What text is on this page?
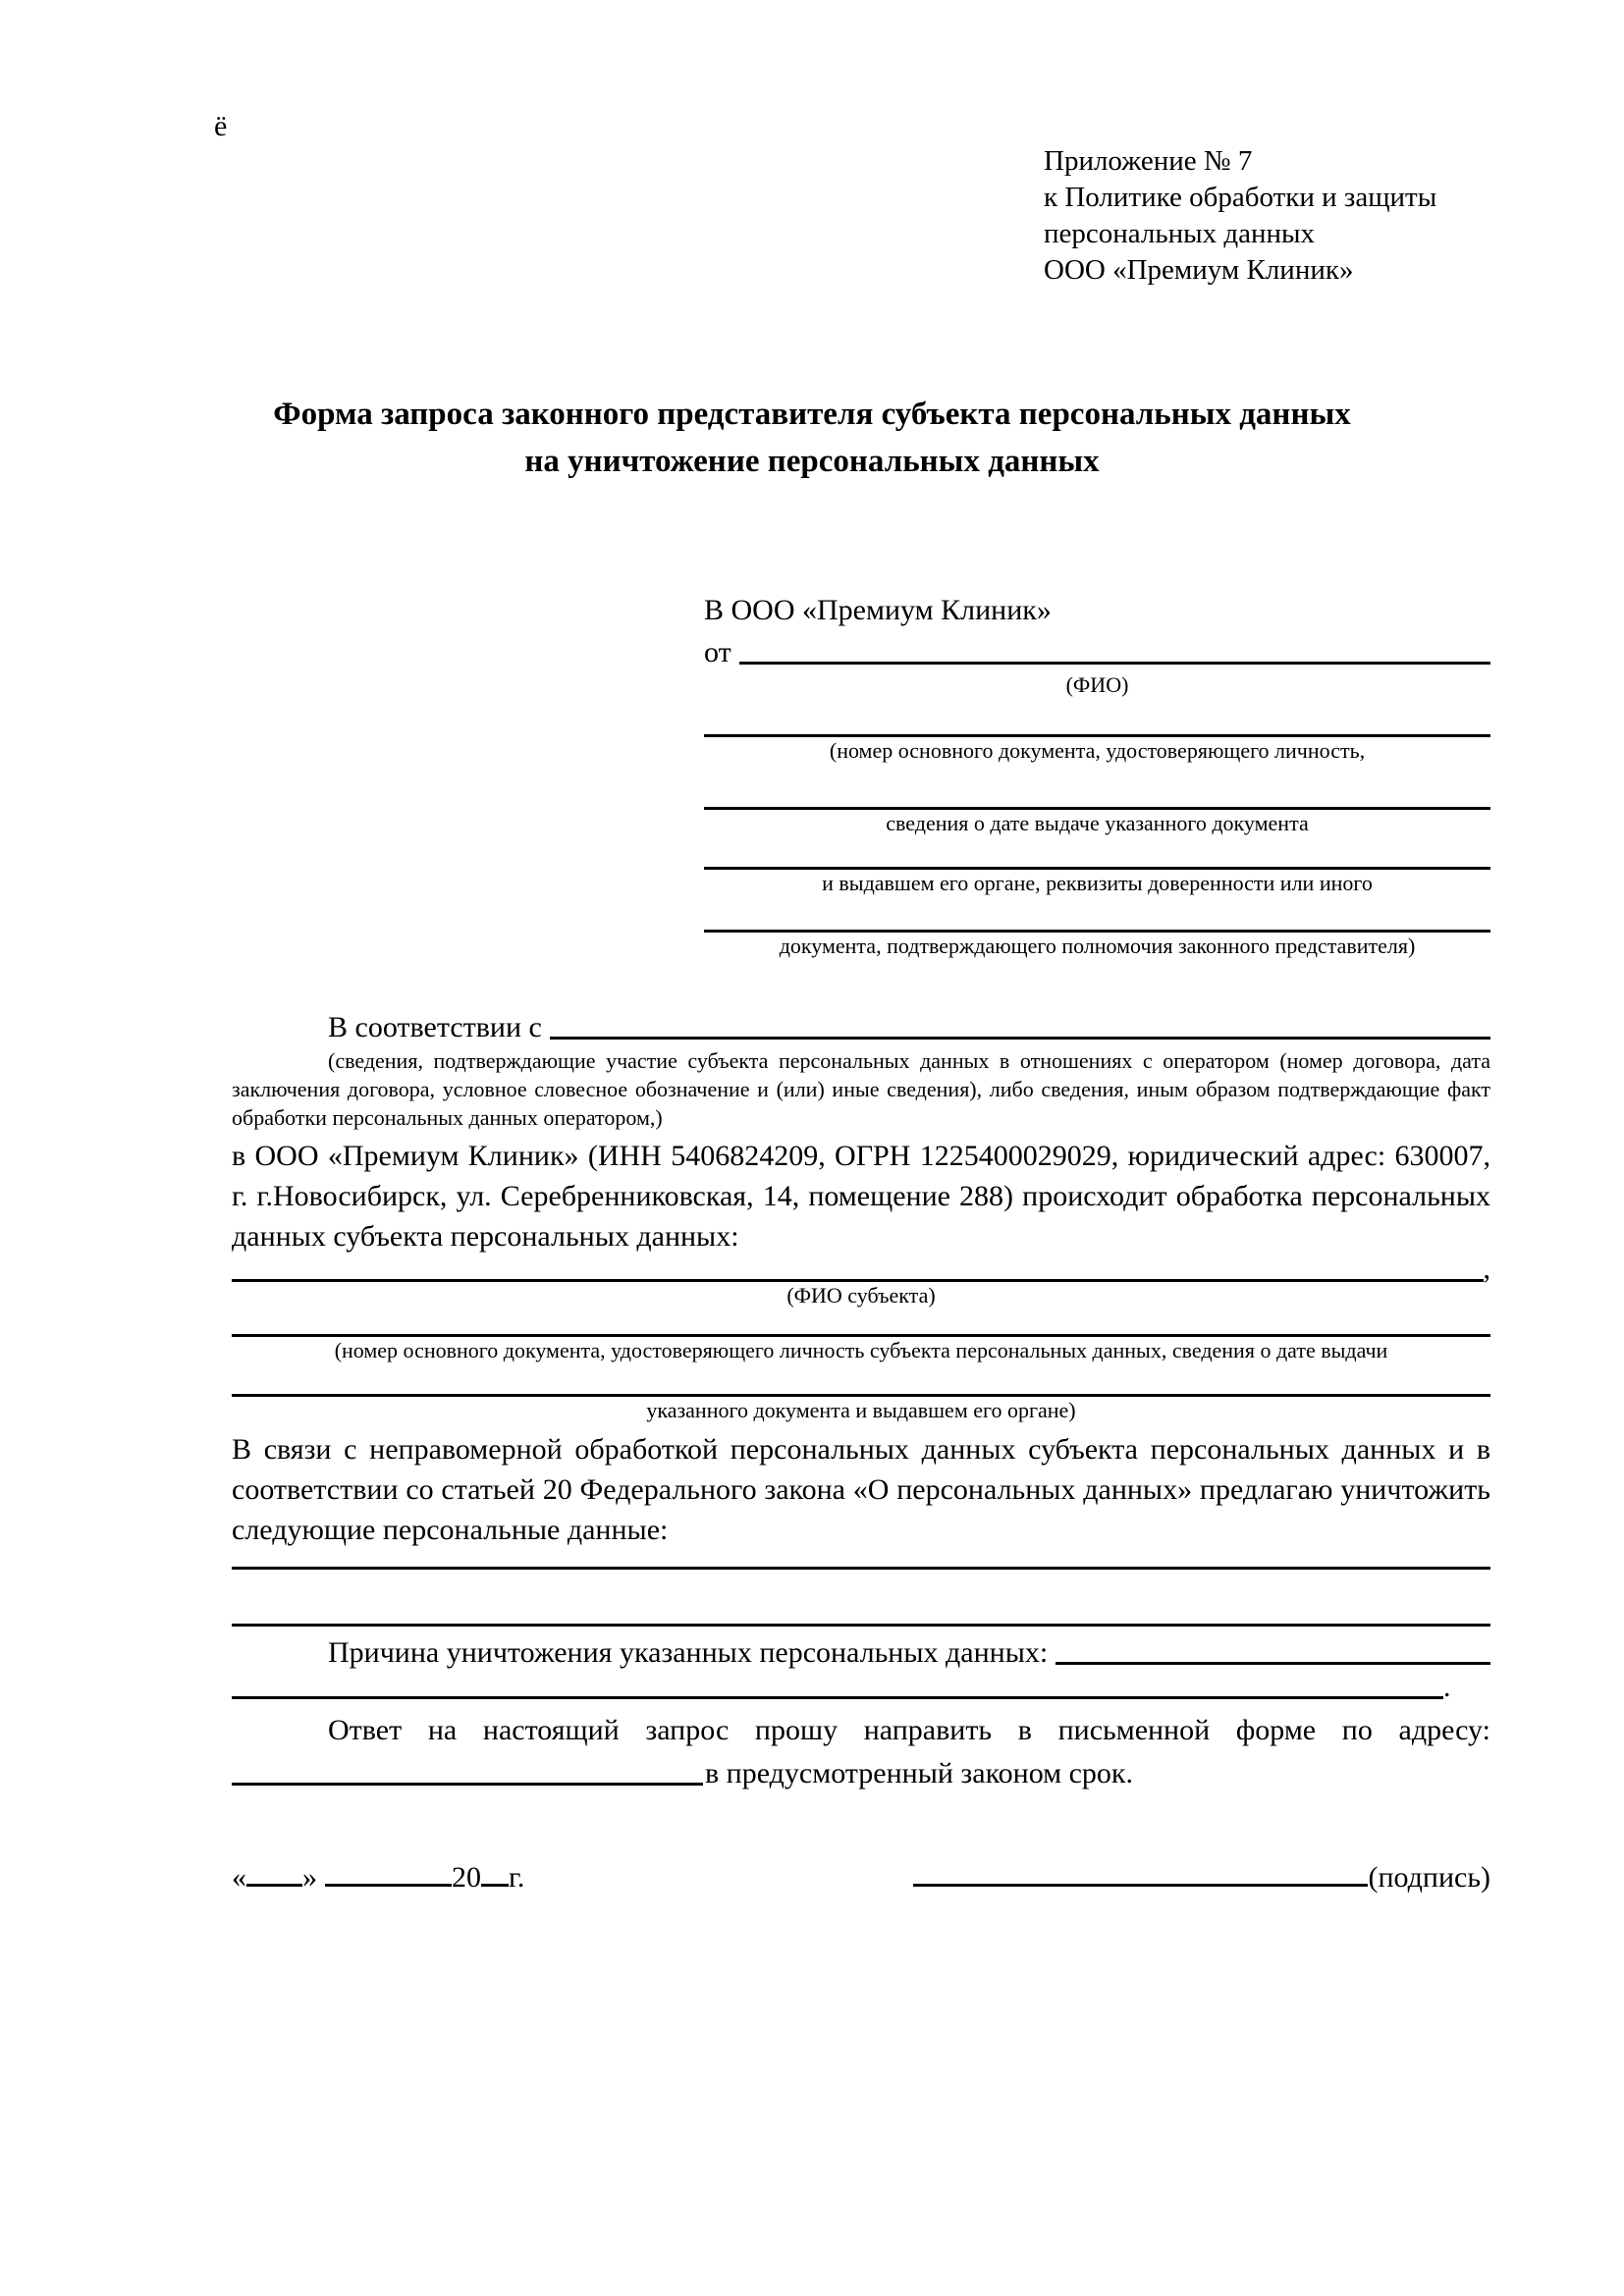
ё
Приложение № 7
к Политике обработки и защиты
персональных данных
ООО «Премиум Клиник»
Форма запроса законного представителя субъекта персональных данных
на уничтожение персональных данных
В ООО «Премиум Клиник»
от
(ФИО)
(номер основного документа, удостоверяющего личность,
сведения о дате выдаче указанного документа
и выдавшем его органе, реквизиты доверенности или иного
документа, подтверждающего полномочия законного представителя)
В соответствии с
(сведения, подтверждающие участие субъекта персональных данных в отношениях с оператором (номер договора, дата заключения договора, условное словесное обозначение и (или) иные сведения), либо сведения, иным образом подтверждающие факт обработки персональных данных оператором,)
в ООО «Премиум Клиник» (ИНН 5406824209, ОГРН 1225400029029, юридический адрес: 630007, г. г.Новосибирск, ул. Серебренниковская, 14, помещение 288) происходит обработка персональных данных субъекта персональных данных:
,
(ФИО субъекта)
(номер основного документа, удостоверяющего личность субъекта персональных данных, сведения о дате выдачи
указанного документа и выдавшем его органе)
В связи с неправомерной обработкой персональных данных субъекта персональных данных и в соответствии со статьей 20 Федерального закона «О персональных данных» предлагаю уничтожить следующие персональные данные:
Причина уничтожения указанных персональных данных:
.
Ответ на настоящий запрос прошу направить в письменной форме по адресу:
в предусмотренный законом срок.
« »	20 г.	(подпись)
